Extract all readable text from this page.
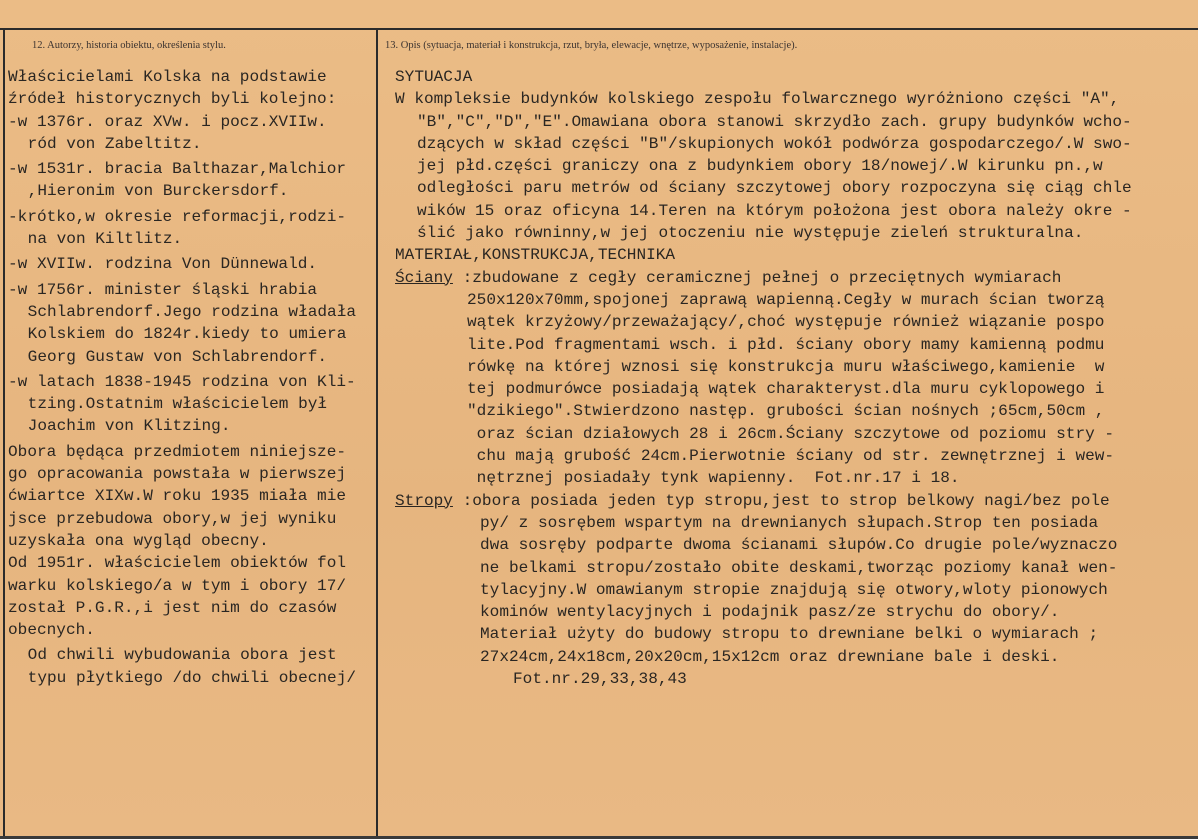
12. Autorzy, historia obiektu, określenia stylu.	13. Opis (sytuacja, materiał i konstrukcja, rzut, bryła, elewacje, wnętrze, wyposażenie, instalacje).
Właścicielami Kolska na podstawie
źródeł historycznych byli kolejno:
-w 1376r. oraz XVw. i pocz.XVIIw.
ród von Zabeltitz.
-w 1531r. bracia Balthazar,Malchior
,Hieronim von Burckersdorf.
-krótko,w okresie reformacji,rodzi-
na von Kiltlitz.
-w XVIIw. rodzina Von Dünnewald.
-w 1756r. minister śląski hrabia
Schlabrendorf.Jego rodzina władała
Kolskiem do 1824r.kiedy to umiera
Georg Gustaw von Schlabrendorf.
-w latach 1838-1945 rodzina von Kli-
tzing.Ostatnim właścicielem był
Joachim von Klitzing.
Obora będąca przedmiotem niniejsze-
go opracowania powstała w pierwszej
ćwiartce XIXw.W roku 1935 miała mie
jsce przebudowa obory,w jej wyniku
uzyskała ona wygląd obecny.
Od 1951r. właścicielem obiektów fol
warku kolskiego/a w tym i obory 17/
został P.G.R.,i jest nim do czasów
obecnych.
Od chwili wybudowania obora jest
typu płytkiego /do chwili obecnej/
SYTUACJA
W kompleksie budynków kolskiego zespołu folwarcznego wyróżniono części "A",
"B","C","D","E".Omawiana obora stanowi skrzydło zach. grupy budynków wcho-
dzących w skład części "B"/skupionych wokół podwórza gospodarczego/.W swo-
jej płd.części graniczy ona z budynkiem obory 18/nowej/.W kirunku pn.,w
odległości paru metrów od ściany szczytowej obory rozpoczyna się ciąg chle
wików 15 oraz oficyna 14.Teren na którym położona jest obora należy okre -
ślić jako równinny,w jej otoczeniu nie występuje zieleń strukturalna.
MATERIAŁ,KONSTRUKCJA,TECHNIKA
Ściany :zbudowane z cegły ceramicznej pełnej o przeciętnych wymiarach
250x120x70mm,spojonej zaprawą wapienną.Cegły w murach ścian tworzą
wątek krzyżowy/przeważający/,choć występuje również wiązanie pospo
lite.Pod fragmentami wsch. i płd. ściany obory mamy kamienną podmu
rówkę na której wznosi się konstrukcja muru właściwego,kamienie  w
tej podmurówce posiadają wątek charakteryst.dla muru cyklopowego i
"dzikiego".Stwierdzono następ. grubości ścian nośnych ;65cm,50cm ,
oraz ścian działowych 28 i 26cm.Ściany szczytowe od poziomu stry -
chu mają grubość 24cm.Pierwotnie ściany od str. zewnętrznej i wew-
nętrznej posiadały tynk wapienny.  Fot.nr.17 i 18.
Stropy :obora posiada jeden typ stropu,jest to strop belkowy nagi/bez pole
py/ z sosrębem wspartym na drewnianych słupach.Strop ten posiada
dwa sosręby podparte dwoma ścianami słupów.Co drugie pole/wyznaczo
ne belkami stropu/zostało obite deskami,tworząc poziomy kanał wen-
tylacyjny.W omawianym stropie znajdują się otwory,wloty pionowych
kominów wentylacyjnych i podajnik pasz/ze strychu do obory/.
Materiał użyty do budowy stropu to drewniane belki o wymiarach ;
27x24cm,24x18cm,20x20cm,15x12cm oraz drewniane bale i deski.
Fot.nr.29,33,38,43
